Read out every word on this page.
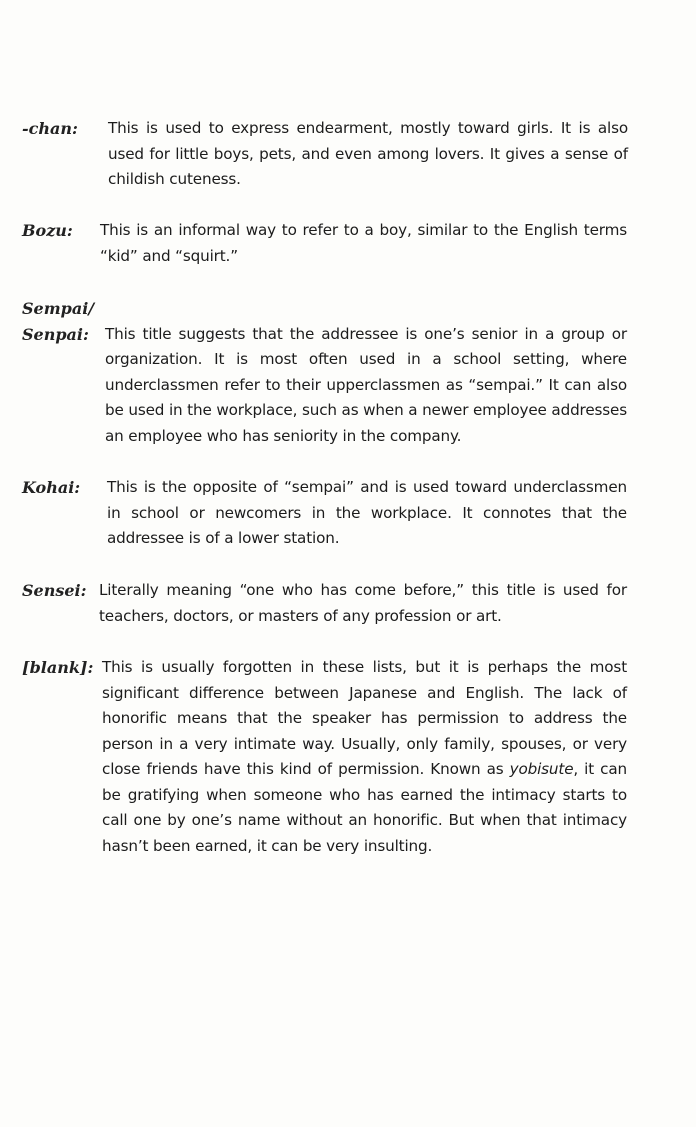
-chan: This is used to express endearment, mostly toward girls. It is also used for little boys, pets, and even among lovers. It gives a sense of childish cuteness.
Bozu: This is an informal way to refer to a boy, similar to the English terms “kid” and “squirt.”
Sempai/
Senpai:	This title suggests that the addressee is one’s senior in a group or organization. It is most often used in a school setting, where underclassmen refer to their upperclassmen as “sempai.” It can also be used in the workplace, such as when a newer employee addresses an employee who has seniority in the company.
Kohai: This is the opposite of “sempai” and is used toward underclassmen in school or newcomers in the workplace. It connotes that the addressee is of a lower station.
Sensei: Literally meaning “one who has come before,” this title is used for teachers, doctors, or masters of any profession or art.
[blank]: This is usually forgotten in these lists, but it is perhaps the most significant difference between Japanese and English. The lack of honorific means that the speaker has permission to address the person in a very intimate way. Usually, only family, spouses, or very close friends have this kind of permission. Known as yobisute, it can be gratifying when someone who has earned the intimacy starts to call one by one’s name without an honorific. But when that intimacy hasn’t been earned, it can be very insulting.
